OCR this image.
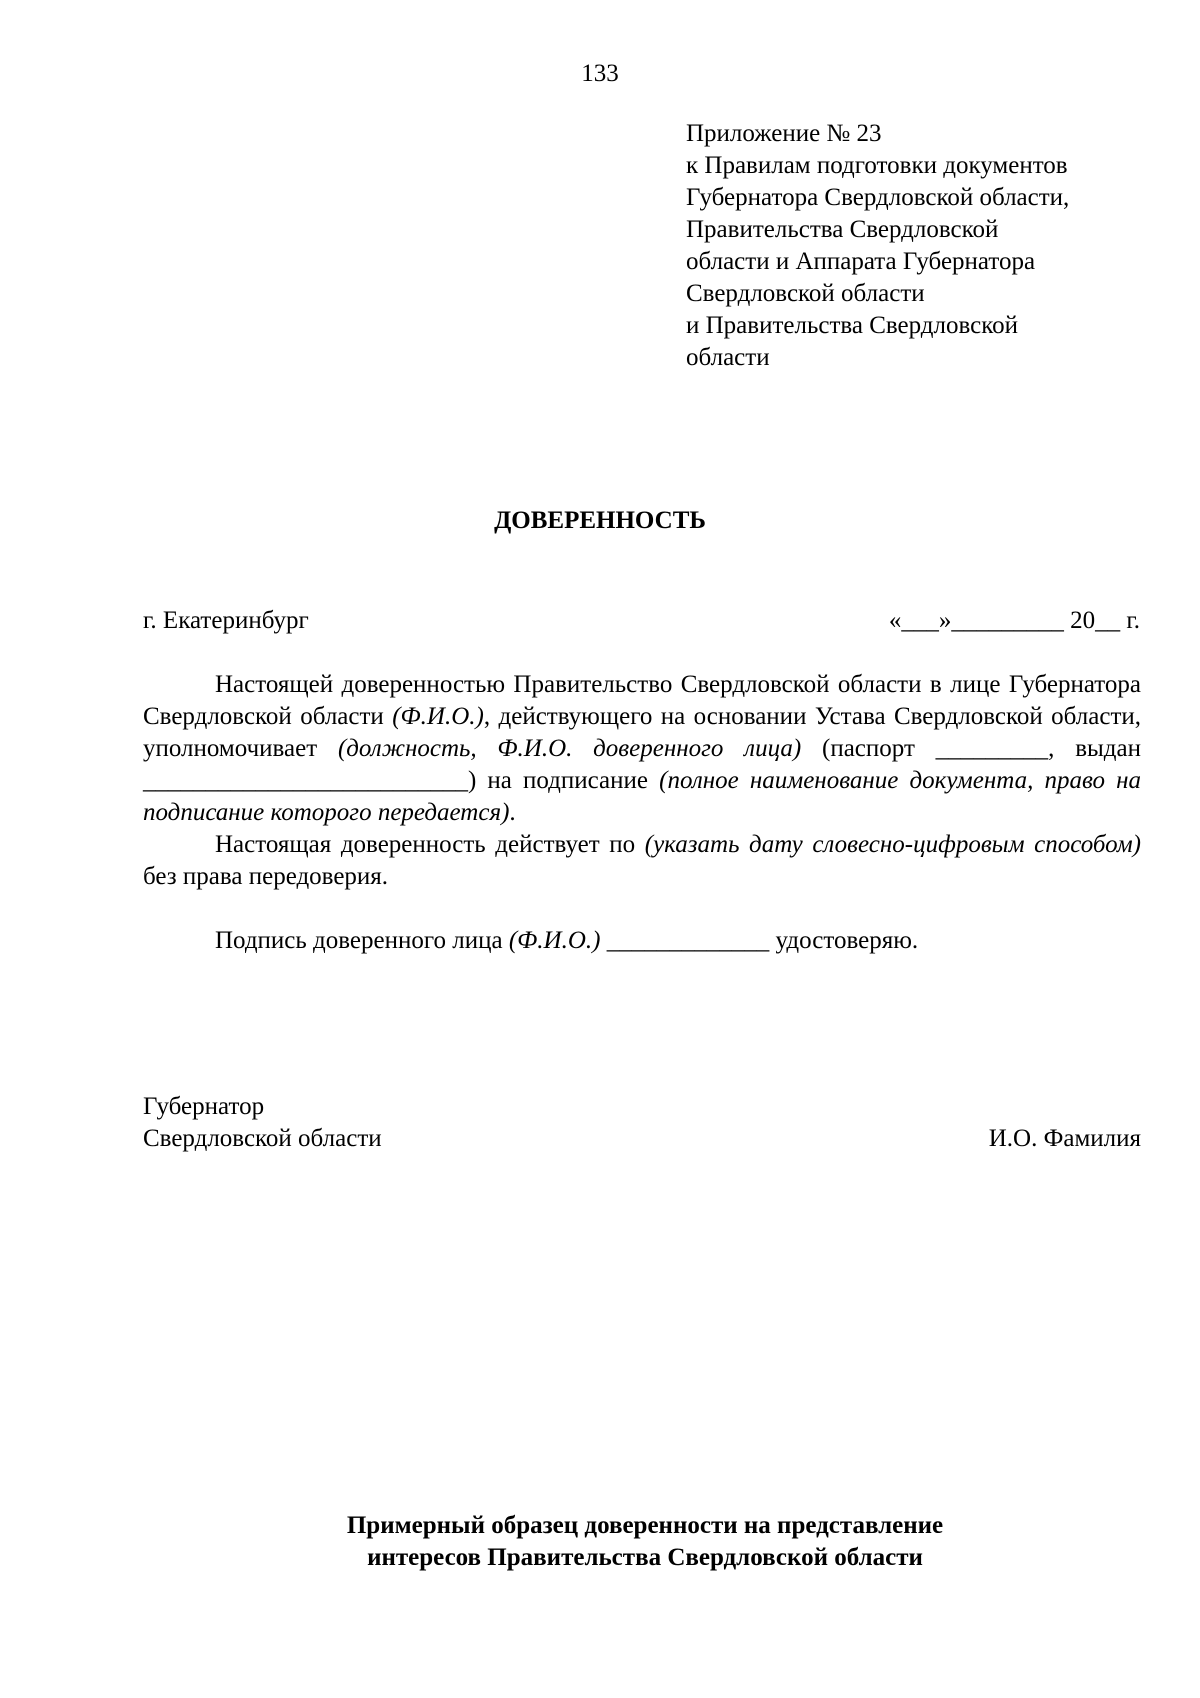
133
Приложение № 23
к Правилам подготовки документов
Губернатора Свердловской области,
Правительства Свердловской
области и Аппарата Губернатора
Свердловской области
и Правительства Свердловской
области
ДОВЕРЕННОСТЬ
г. Екатеринбург	«___»_________ 20__ г.

Настоящей доверенностью Правительство Свердловской области в лице Губернатора Свердловской области (Ф.И.О.), действующего на основании Устава Свердловской области, уполномочивает (должность, Ф.И.О. доверенного лица) (паспорт _________, выдан __________________________) на подписание (полное наименование документа, право на подписание которого передается).

Настоящая доверенность действует по (указать дату словесно-цифровым способом) без права передоверия.

Подпись доверенного лица (Ф.И.О.) _____________ удостоверяю.

Губернатор
Свердловской области	И.О. Фамилия
Примерный образец доверенности на представление
интересов Правительства Свердловской области
